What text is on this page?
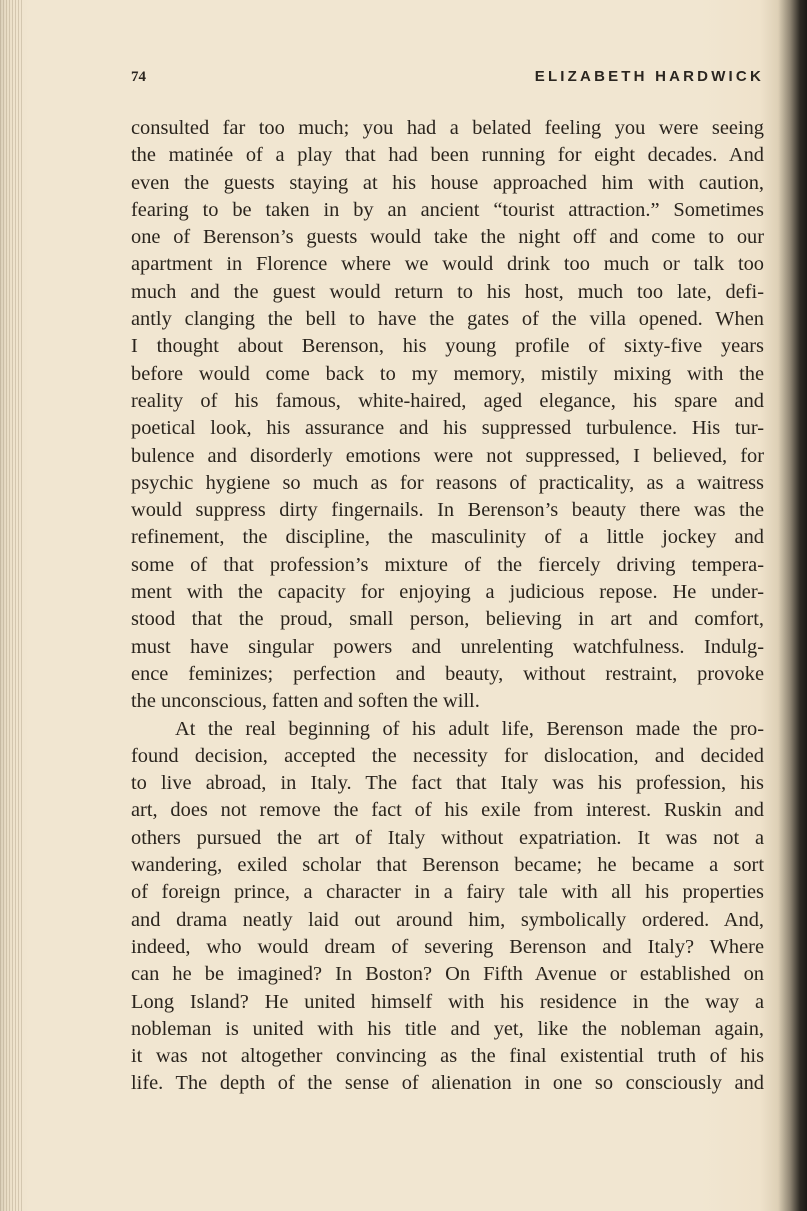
74	ELIZABETH HARDWICK

consulted far too much; you had a belated feeling you were seeing

the matinée of a play that had been running for eight decades. And

even the guests staying at his house approached him with caution,

fearing to be taken in by an ancient “tourist attraction.” Sometimes

one of Berenson’s guests would take the night off and come to our

apartment in Florence where we would drink too much or talk too

much and the guest would return to his host, much too late, defi-

antly clanging the bell to have the gates of the villa opened. When

I thought about Berenson, his young profile of sixty-five years

before would come back to my memory, mistily mixing with the

reality of his famous, white-haired, aged elegance, his spare and

poetical look, his assurance and his suppressed turbulence. His tur-

bulence and disorderly emotions were not suppressed, I believed, for

psychic hygiene so much as for reasons of practicality, as a waitress

would suppress dirty fingernails. In Berenson’s beauty there was the

refinement, the discipline, the masculinity of a little jockey and

some of that profession’s mixture of the fiercely driving tempera-

ment with the capacity for enjoying a judicious repose. He under-

stood that the proud, small person, believing in art and comfort,

must have singular powers and unrelenting watchfulness. Indulg-

ence feminizes; perfection and beauty, without restraint, provoke

the unconscious, fatten and soften the will.

At the real beginning of his adult life, Berenson made the pro-

found decision, accepted the necessity for dislocation, and decided

to live abroad, in Italy. The fact that Italy was his profession, his

art, does not remove the fact of his exile from interest. Ruskin and

others pursued the art of Italy without expatriation. It was not a

wandering, exiled scholar that Berenson became; he became a sort

of foreign prince, a character in a fairy tale with all his properties

and drama neatly laid out around him, symbolically ordered. And,

indeed, who would dream of severing Berenson and Italy? Where

can he be imagined? In Boston? On Fifth Avenue or established on

Long Island? He united himself with his residence in the way a

nobleman is united with his title and yet, like the nobleman again,

it was not altogether convincing as the final existential truth of his

life. The depth of the sense of alienation in one so consciously and
